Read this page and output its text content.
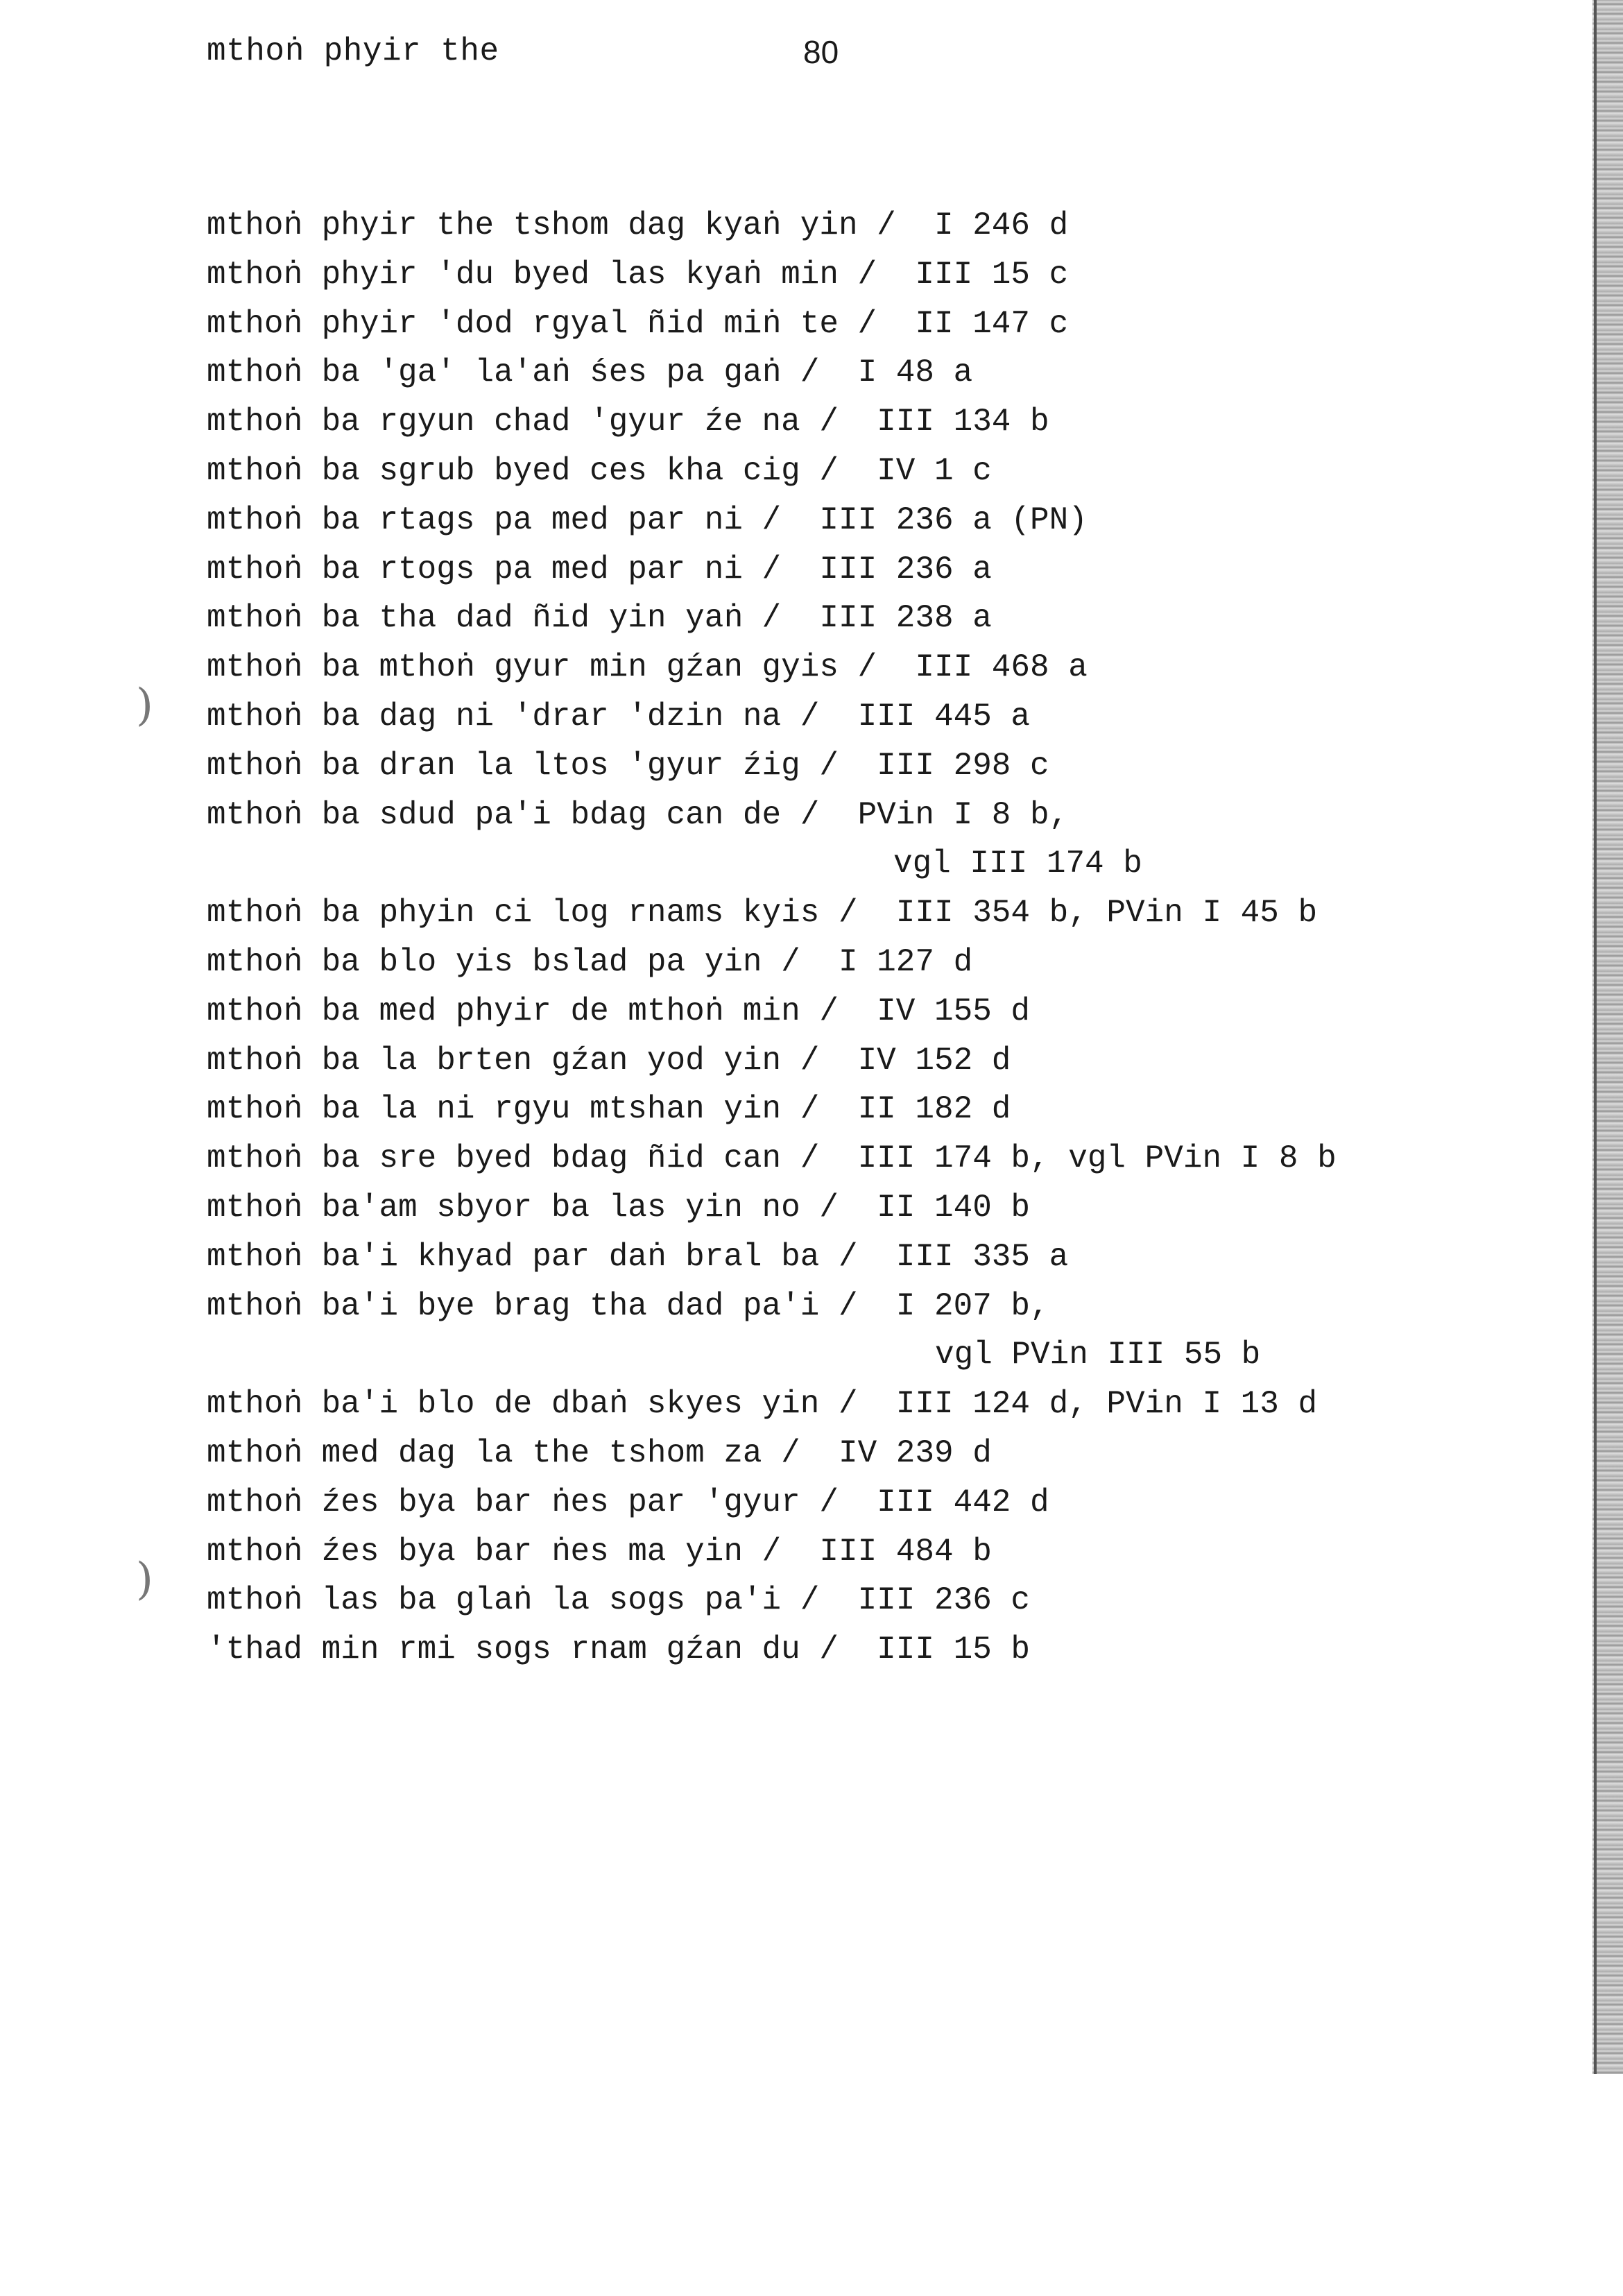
mthoṅ phyir the	80
mthoṅ phyir the tshom dag kyaṅ yin / I 246 d
mthoṅ phyir 'du byed las kyaṅ min / III 15 c
mthoṅ phyir 'dod rgyal ñid miṅ te / II 147 c
mthoṅ ba 'ga' la'aṅ śes pa gaṅ / I 48 a
mthoṅ ba rgyun chad 'gyur źe na / III 134 b
mthoṅ ba sgrub byed ces kha cig / IV 1 c
mthoṅ ba rtags pa med par ni / III 236 a (PN)
mthoṅ ba rtogs pa med par ni / III 236 a
mthoṅ ba tha dad ñid yin yaṅ / III 238 a
mthoṅ ba mthoṅ gyur min gźan gyis / III 468 a
mthoṅ ba dag ni 'drar 'dzin na / III 445 a
mthoṅ ba dran la ltos 'gyur źig / III 298 c
mthoṅ ba sdud pa'i bdag can de / PVin I 8 b,
vgl III 174 b
mthoṅ ba phyin ci log rnams kyis / III 354 b, PVin I 45 b
mthoṅ ba blo yis bslad pa yin / I 127 d
mthoṅ ba med phyir de mthoṅ min / IV 155 d
mthoṅ ba la brten gźan yod yin / IV 152 d
mthoṅ ba la ni rgyu mtshan yin / II 182 d
mthoṅ ba sre byed bdag ñid can / III 174 b, vgl PVin I 8 b
mthoṅ ba'am sbyor ba las yin no / II 140 b
mthoṅ ba'i khyad par daṅ bral ba / III 335 a
mthoṅ ba'i bye brag tha dad pa'i / I 207 b,
vgl PVin III 55 b
mthoṅ ba'i blo de dbaṅ skyes yin / III 124 d, PVin I 13 d
mthoṅ med dag la the tshom za / IV 239 d
mthoṅ źes bya bar ṅes par 'gyur / III 442 d
mthoṅ źes bya bar ṅes ma yin / III 484 b
mthoṅ las ba glaṅ la sogs pa'i / III 236 c
'thad min rmi sogs rnam gźan du / III 15 b
)
)
